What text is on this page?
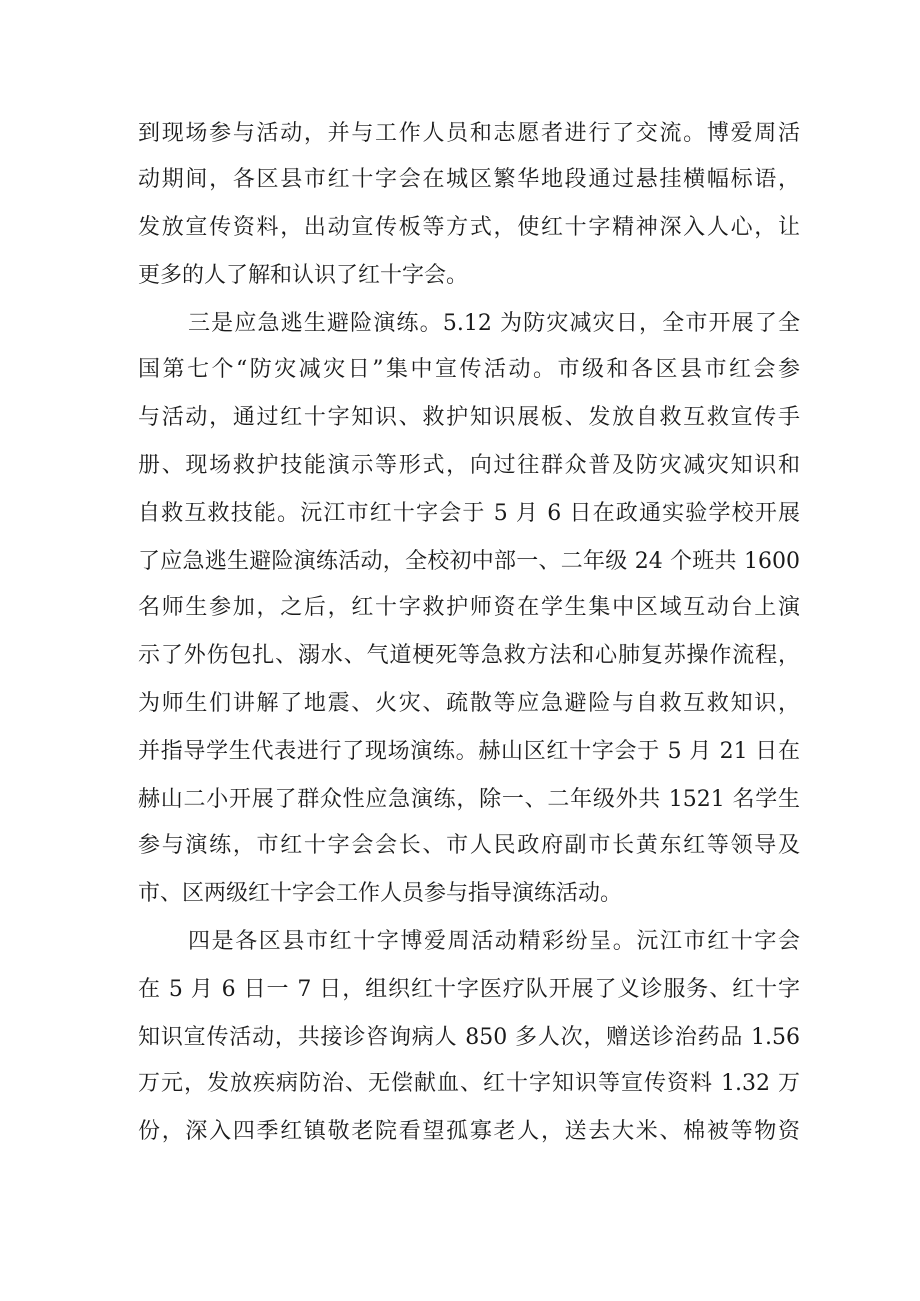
到现场参与活动，并与工作人员和志愿者进行了交流。博爱周活
动期间，各区县市红十字会在城区繁华地段通过悬挂横幅标语，
发放宣传资料，出动宣传板等方式，使红十字精神深入人心，让
更多的人了解和认识了红十字会。
三是应急逃生避险演练。5.12 为防灾减灾日，全市开展了全
国第七个“防灾减灾日”集中宣传活动。市级和各区县市红会参
与活动，通过红十字知识、救护知识展板、发放自救互救宣传手
册、现场救护技能演示等形式，向过往群众普及防灾减灾知识和
自救互救技能。沅江市红十字会于 5 月 6 日在政通实验学校开展
了应急逃生避险演练活动，全校初中部一、二年级 24 个班共 1600
名师生参加，之后，红十字救护师资在学生集中区域互动台上演
示了外伤包扎、溺水、气道梗死等急救方法和心肺复苏操作流程，
为师生们讲解了地震、火灾、疏散等应急避险与自救互救知识，
并指导学生代表进行了现场演练。赫山区红十字会于 5 月 21 日在
赫山二小开展了群众性应急演练，除一、二年级外共 1521 名学生
参与演练，市红十字会会长、市人民政府副市长黄东红等领导及
市、区两级红十字会工作人员参与指导演练活动。
四是各区县市红十字博爱周活动精彩纷呈。沅江市红十字会
在 5 月 6 日一 7 日，组织红十字医疗队开展了义诊服务、红十字
知识宣传活动，共接诊咨询病人 850 多人次，赠送诊治药品 1.56
万元，发放疾病防治、无偿献血、红十字知识等宣传资料 1.32 万
份，深入四季红镇敬老院看望孤寡老人，送去大米、棉被等物资
